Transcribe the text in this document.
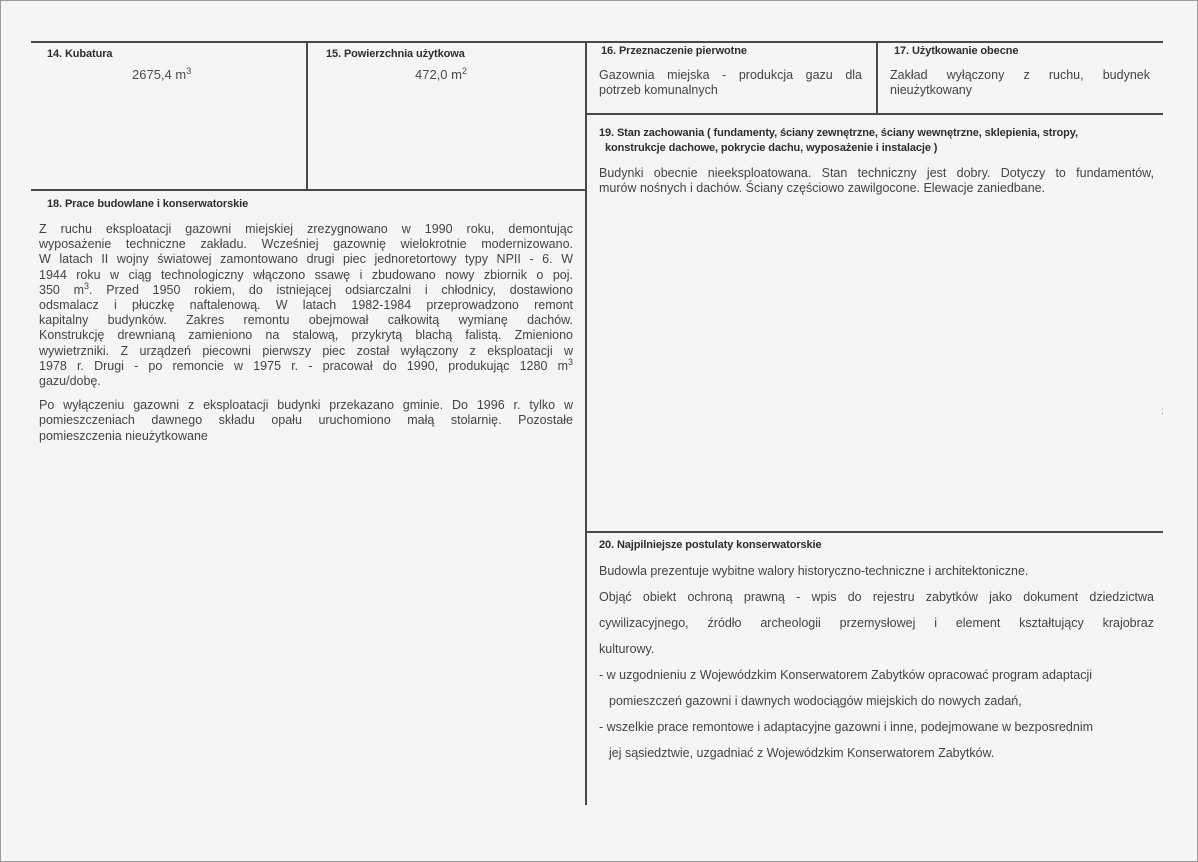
14. Kubatura
2675,4 $m^3$
15. Powierzchnia użytkowa
472,0 $m^2$
16. Przeznaczenie pierwotne

Gazownia miejska - produkcja gazu dla

potrzeb komunalnych

17. Użytkowanie obecne

Zakład wyłączony z ruchu, budynek

nieużytkowany

19. Stan zachowania ( fundamenty, ściany zewnętrzne, ściany wewnętrzne, sklepienia, stropy,
konstrukcje dachowe, pokrycie dachu, wyposażenie i instalacje )

Budynki obecnie nieeksploatowana. Stan techniczny jest dobry. Dotyczy to fundamentów,

murów nośnych i dachów. Ściany częściowo zawilgocone. Elewacje zaniedbane.

18. Prace budowlane i konserwatorskie

Z ruchu eksploatacji gazowni miejskiej zrezygnowano w 1990 roku, demontując

wyposażenie techniczne zakładu. Wcześniej gazownię wielokrotnie modernizowano.

W latach II wojny światowej zamontowano drugi piec jednoretortowy typy NPII - 6. W

1944 roku w ciąg technologiczny włączono ssawę i zbudowano nowy zbiornik o poj.

350 $m^3$. Przed 1950 rokiem, do istniejącej odsiarczalni i chłodnicy, dostawiono

odsmalacz i płuczkę naftalenową. W latach 1982-1984 przeprowadzono remont

kapitalny budynków. Zakres remontu obejmował całkowitą wymianę dachów.

Konstrukcję drewnianą zamieniono na stalową, przykrytą blachą falistą. Zmieniono

wywietrzniki. Z urządzeń piecowni pierwszy piec został wyłączony z eksploatacji w

1978 r. Drugi - po remoncie w 1975 r. - pracował do 1990, produkując 1280 $m^3$

gazu/dobę.

Po wyłączeniu gazowni z eksploatacji budynki przekazano gminie. Do 1996 r. tylko w

pomieszczeniach dawnego składu opału uruchomiono małą stolarnię. Pozostałe

pomieszczenia nieużytkowane

20. Najpilniejsze postulaty konserwatorskie
Budowla prezentuje wybitne walory historyczno-techniczne i architektoniczne.
Objąć obiekt ochroną prawną - wpis do rejestru zabytków jako dokument dziedzictwa
cywilizacyjnego, źródło archeologii przemysłowej i element kształtujący krajobraz
kulturowy.
- w uzgodnieniu z Wojewódzkim Konserwatorem Zabytków opracować program adaptacji
pomieszczeń gazowni i dawnych wodociągów miejskich do nowych zadań,
- wszelkie prace remontowe i adaptacyjne gazowni i inne, podejmowane w bezposrednim
jej sąsiedztwie, uzgadniać z Wojewódzkim Konserwatorem Zabytków.
:
